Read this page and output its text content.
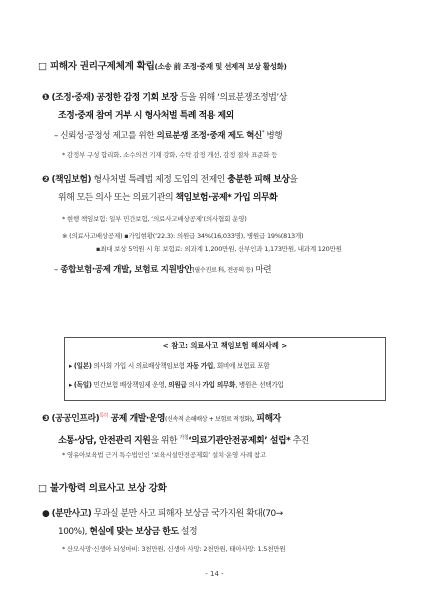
□ 피해자 권리구제체계 확립(소송 前 조정·중재 및 선제적 보상 활성화)
❶ (조정·중재) 공정한 감정 기회 보장 등을 위해 ‘의료분쟁조정법’상
조정·중재 참여 거부 시 형사처벌 특례 적용 제외
– 신뢰성·공정성 제고를 위한 의료분쟁 조정·중재 제도 혁신* 병행
* 감정부 구성 합리화, 소수의견 기재 강화, 수탁 감정 개선, 감정 절차 표준화 등
❷ (책임보험) 형사처벌 특례법 제정 도입의 전제인 충분한 피해 보상을
위해 모든 의사 또는 의료기관의 책임보험·공제* 가입 의무화
* 현행 책임보험: 일부 민간보험, ‘의료사고배상공제’(의사협회 운영)
※ (의료사고배상공제) ▪가입현황(‘22.3): 의원급 34%(16,033명), 병원급 19%(813개)
▪최대 보상 5억원 시 年 보험료: 외과계 1,200만원, 산부인과 1,173만원, 내과계 120만원
– 종합보험·공제 개발, 보험료 지원방안(필수진료 科, 전공의 등) 마련
< 참고: 의료사고 책임보험 해외사례 >
▸ (일본) 의사회 가입 시 의료배상책임보험 자동 가입, 회비에 보험료 포함
▸ (독일) 민간보험 배상책임제 운영, 의원급 의사 가입 의무화, 병원은 선택가입
❸ (공공인프라)$^{특히}$ 공제 개발·운영(신속적 손해배상 + 보험료 적정화), 피해자
소통·상담, 안전관리 지원을 위한 $^{가칭}$‘의료기관안전공제회’ 설립* 추진
* 영유아보육법 근거 특수법인인 ‘보육시설안전공제회’ 설치·운영 사례 참고
□ 불가항력 의료사고 보상 강화
● (분만사고) 무과실 분만 사고 피해자 보상금 국가지원 확대(70→
100%), 현실에 맞는 보상금 한도 설정
- 14 -
* 산모사망·신생아 뇌성마비: 3천만원, 신생아 사망: 2천만원, 태아사망: 1.5천만원
